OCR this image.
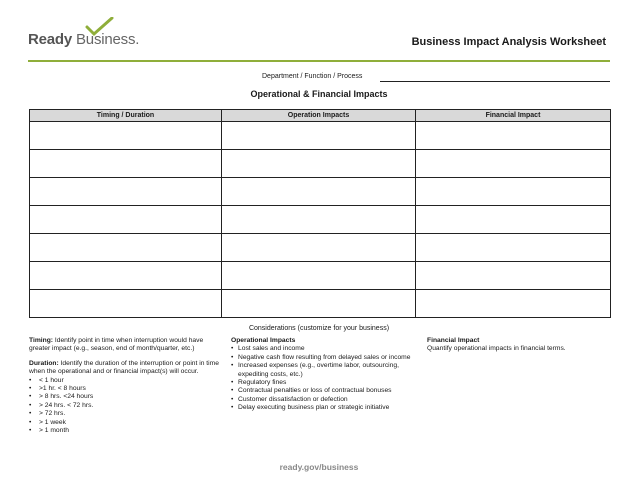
Ready Business.	Business Impact Analysis Worksheet
Department / Function / Process
Operational & Financial Impacts
Timing / Duration	Operation Impacts	Financial Impact

Considerations (customize for your business)

Timing: Identify point in time when interruption would have greater impact (e.g., season, end of month/quarter, etc.)

Duration: Identify the duration of the interruption or point in time when the operational and or financial impact(s) will occur.

• < 1 hour
• >1 hr. < 8 hours
• > 8 hrs. <24 hours
• > 24 hrs. < 72 hrs.
• > 72 hrs.
• > 1 week
• > 1 month

Operational Impacts

• Lost sales and income
• Negative cash flow resulting from delayed sales or income
• Increased expenses (e.g., overtime labor, outsourcing, expediting costs, etc.)
• Regulatory fines
• Contractual penalties or loss of contractual bonuses
• Customer dissatisfaction or defection
• Delay executing business plan or strategic initiative

Financial Impact

Quantify operational impacts in financial terms.

ready.gov/business
